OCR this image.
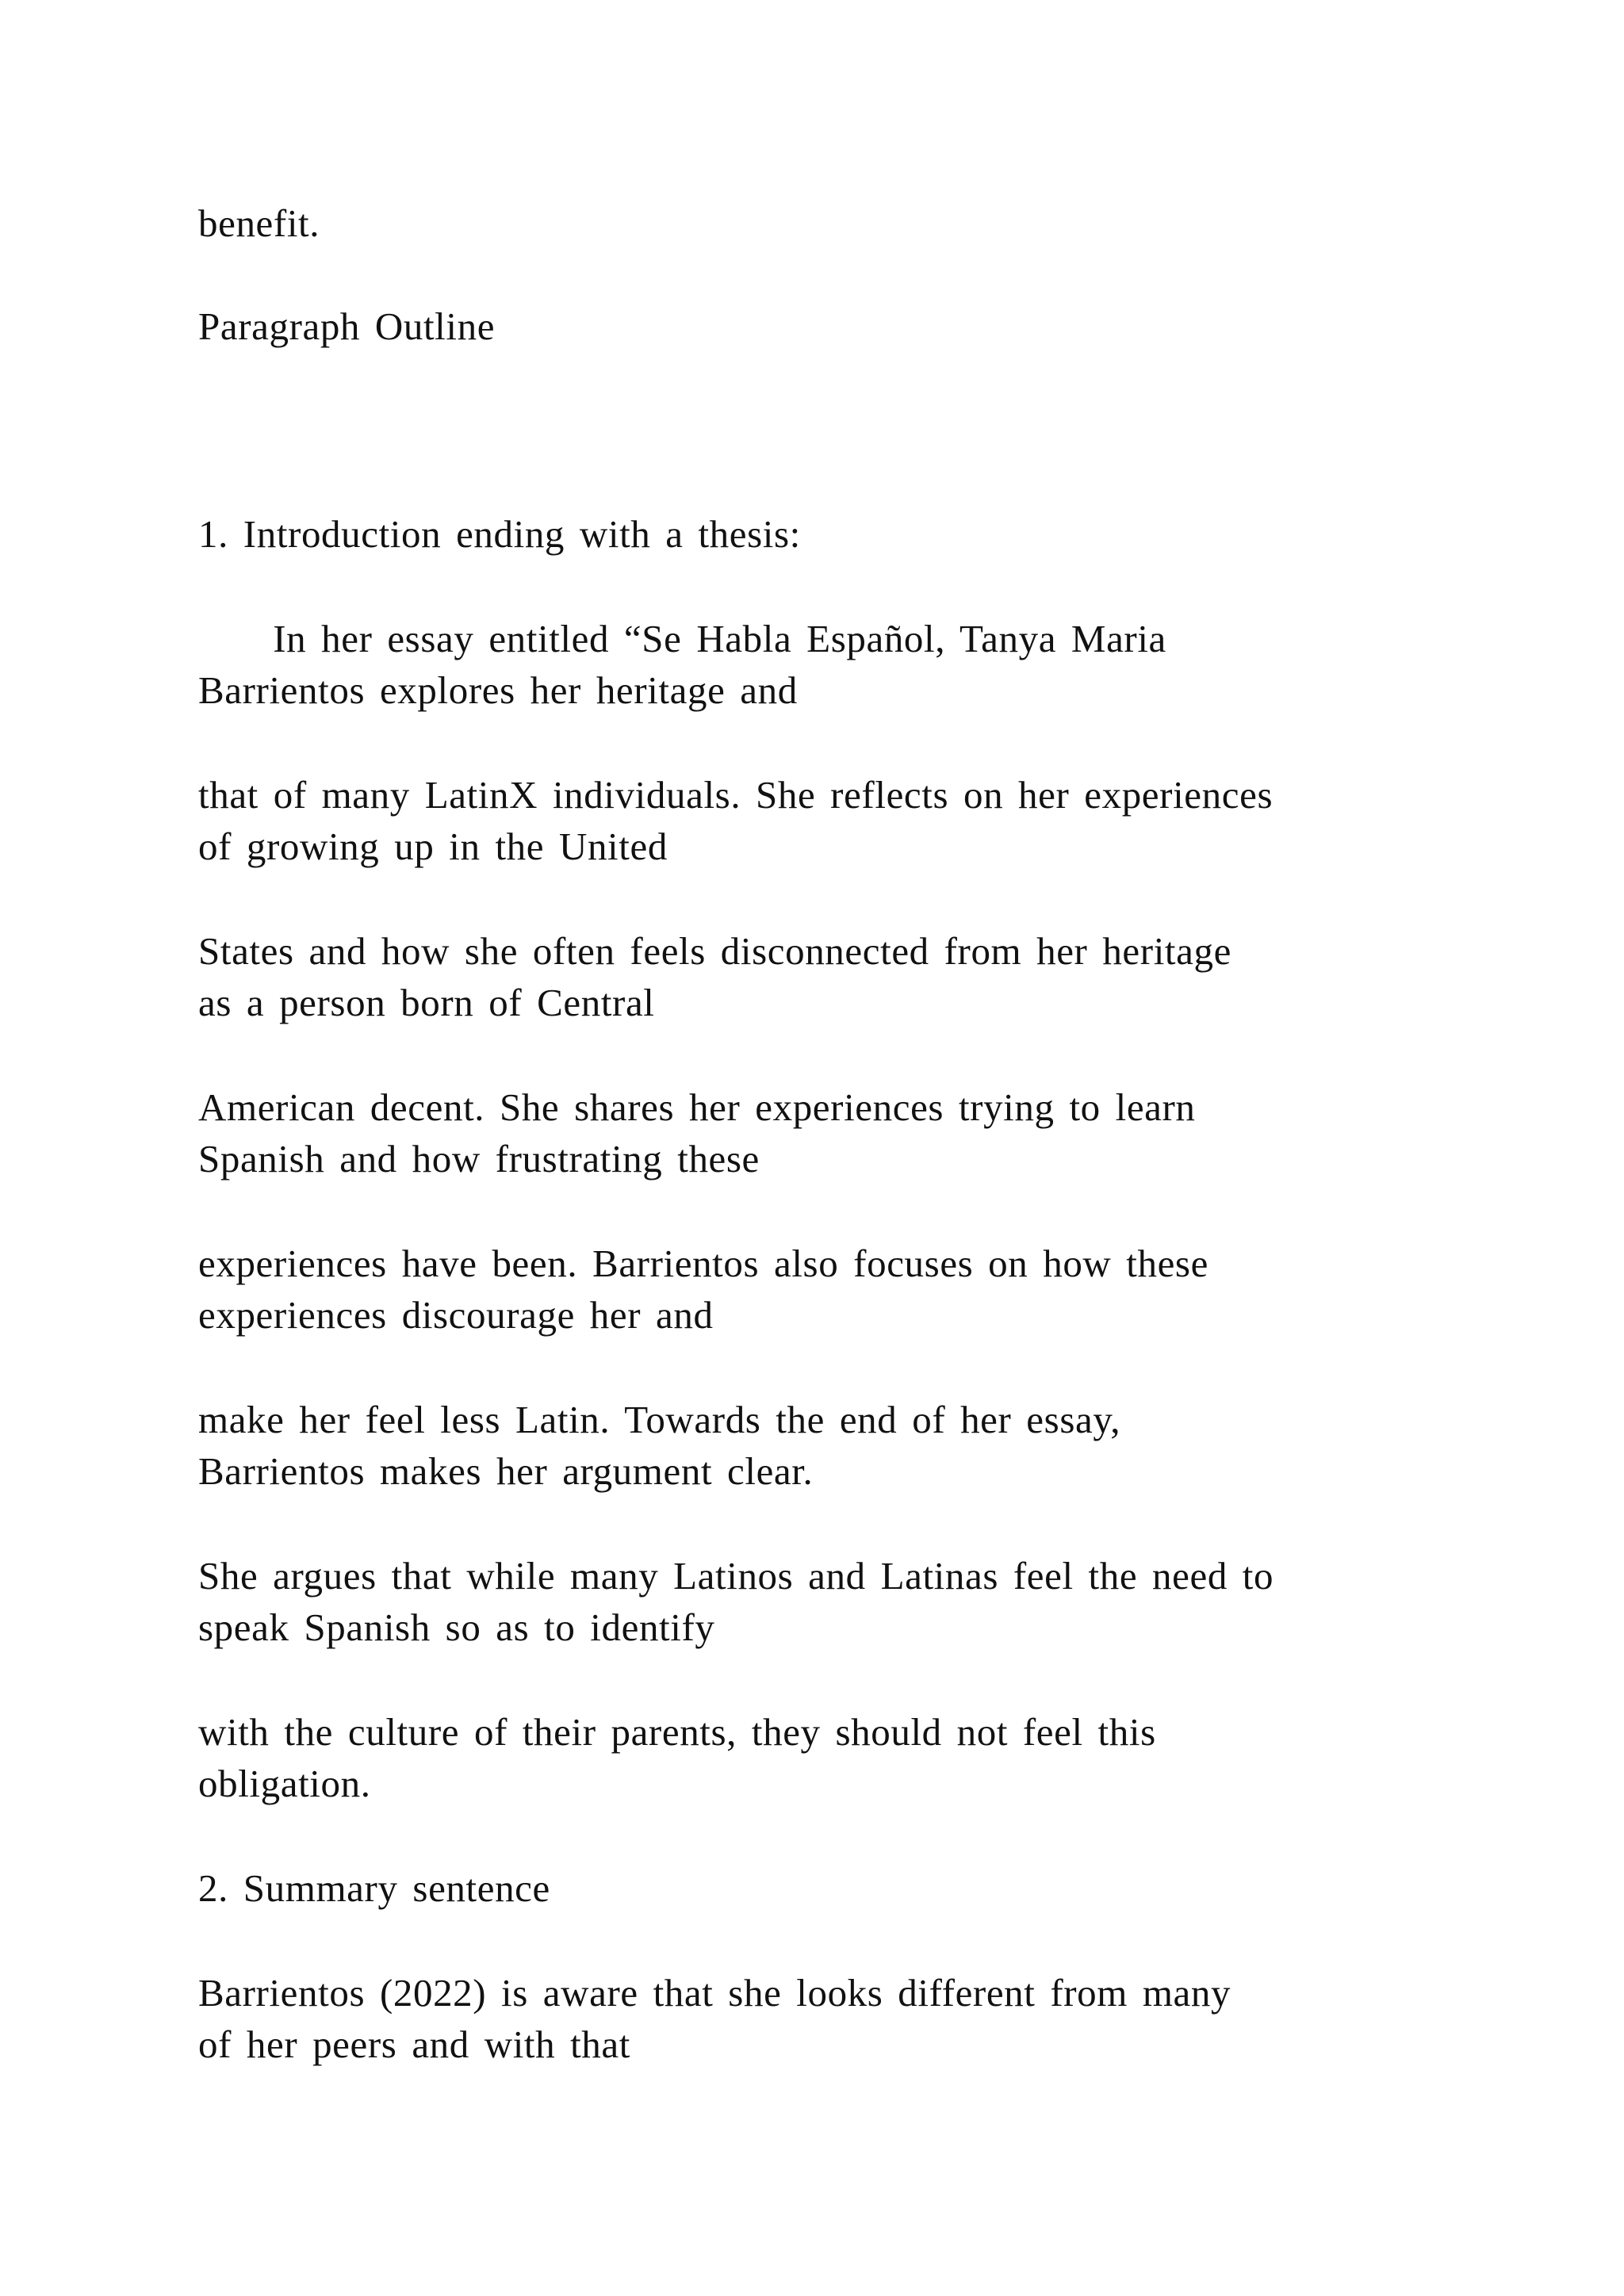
benefit.
Paragraph Outline
1. Introduction ending with a thesis:
In her essay entitled “Se Habla Español, Tanya Maria
Barrientos explores her heritage and
that of many LatinX individuals. She reflects on her experiences
of growing up in the United
States and how she often feels disconnected from her heritage
as a person born of Central
American decent. She shares her experiences trying to learn
Spanish and how frustrating these
experiences have been. Barrientos also focuses on how these
experiences discourage her and
make her feel less Latin. Towards the end of her essay,
Barrientos makes her argument clear.
She argues that while many Latinos and Latinas feel the need to
speak Spanish so as to identify
with the culture of their parents, they should not feel this
obligation.
2. Summary sentence
Barrientos (2022) is aware that she looks different from many
of her peers and with that
